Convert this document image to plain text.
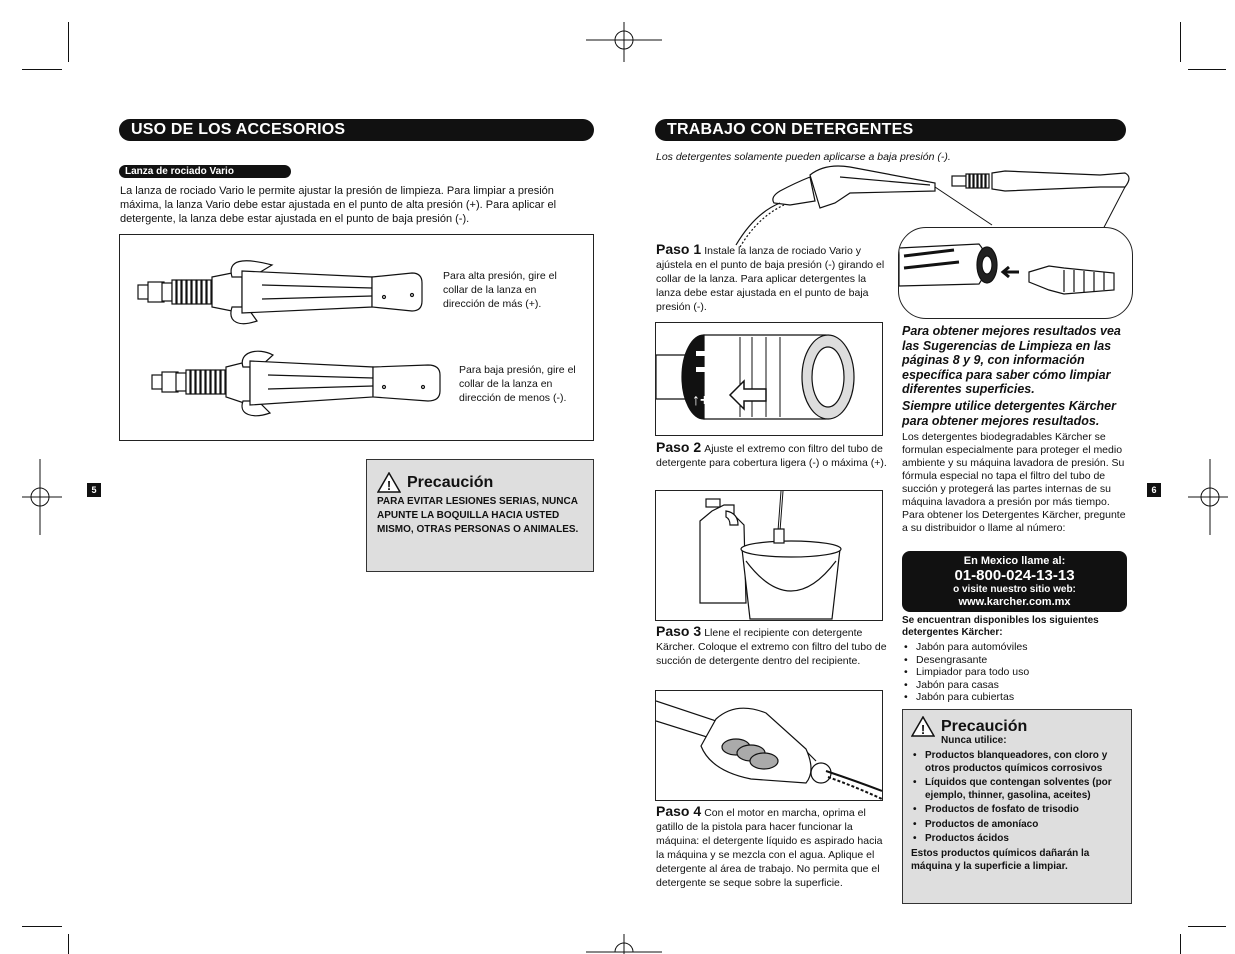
5	6
USO DE LOS ACCESORIOS
Lanza de rociado Vario
La lanza de rociado Vario le permite ajustar la presión de limpieza. Para limpiar a presión máxima, la lanza Vario debe estar ajustada en el punto de alta presión (+). Para aplicar el detergente, la lanza debe estar ajustada en el punto de baja presión (-).
Para alta presión, gire el collar de la lanza en dirección de más (+).
Para baja presión, gire el collar de la lanza en dirección de menos (-).
! Precaución
PARA EVITAR LESIONES SERIAS, NUNCA APUNTE LA BOQUILLA HACIA USTED MISMO, OTRAS PERSONAS O ANIMALES.
TRABAJO CON DETERGENTES
Los detergentes solamente pueden aplicarse a baja presión (-).
Paso 1 Instale la lanza de rociado Vario y ajústela en el punto de baja presión (-) girando el collar de la lanza. Para aplicar detergentes la lanza debe estar ajustada en el punto de baja presión (-).
↑+
Paso 2 Ajuste el extremo con filtro del tubo de detergente para cobertura ligera (-) o máxima (+).
Paso 3 Llene el recipiente con detergente Kärcher. Coloque el extremo con filtro del tubo de succión de detergente dentro del recipiente.
Paso 4 Con el motor en marcha, oprima el gatillo de la pistola para hacer funcionar la máquina: el detergente líquido es aspirado hacia la máquina y se mezcla con el agua. Aplique el detergente al área de trabajo. No permita que el detergente se seque sobre la superficie.
Para obtener mejores resultados vea las Sugerencias de Limpieza en las páginas 8 y 9, con información específica para saber cómo limpiar diferentes superficies.
Siempre utilice detergentes Kärcher para obtener mejores resultados.
Los detergentes biodegradables Kärcher se formulan especialmente para proteger el medio ambiente y su máquina lavadora de presión. Su fórmula especial no tapa el filtro del tubo de succión y protegerá las partes internas de su máquina lavadora a presión por más tiempo. Para obtener los Detergentes Kärcher, pregunte a su distribuidor o llame al número:
En Mexico llame al:
01-800-024-13-13
o visite nuestro sitio web:
www.karcher.com.mx
Se encuentran disponibles los siguientes detergentes Kärcher:
• Jabón para automóviles
• Desengrasante
• Limpiador para todo uso
• Jabón para casas
• Jabón para cubiertas
! Precaución
Nunca utilice:
• Productos blanqueadores, con cloro y otros productos químicos corrosivos
• Líquidos que contengan solventes (por ejemplo, thinner, gasolina, aceites)
• Productos de fosfato de trisodio
• Productos de amoníaco
• Productos ácidos
Estos productos químicos dañarán la máquina y la superficie a limpiar.
